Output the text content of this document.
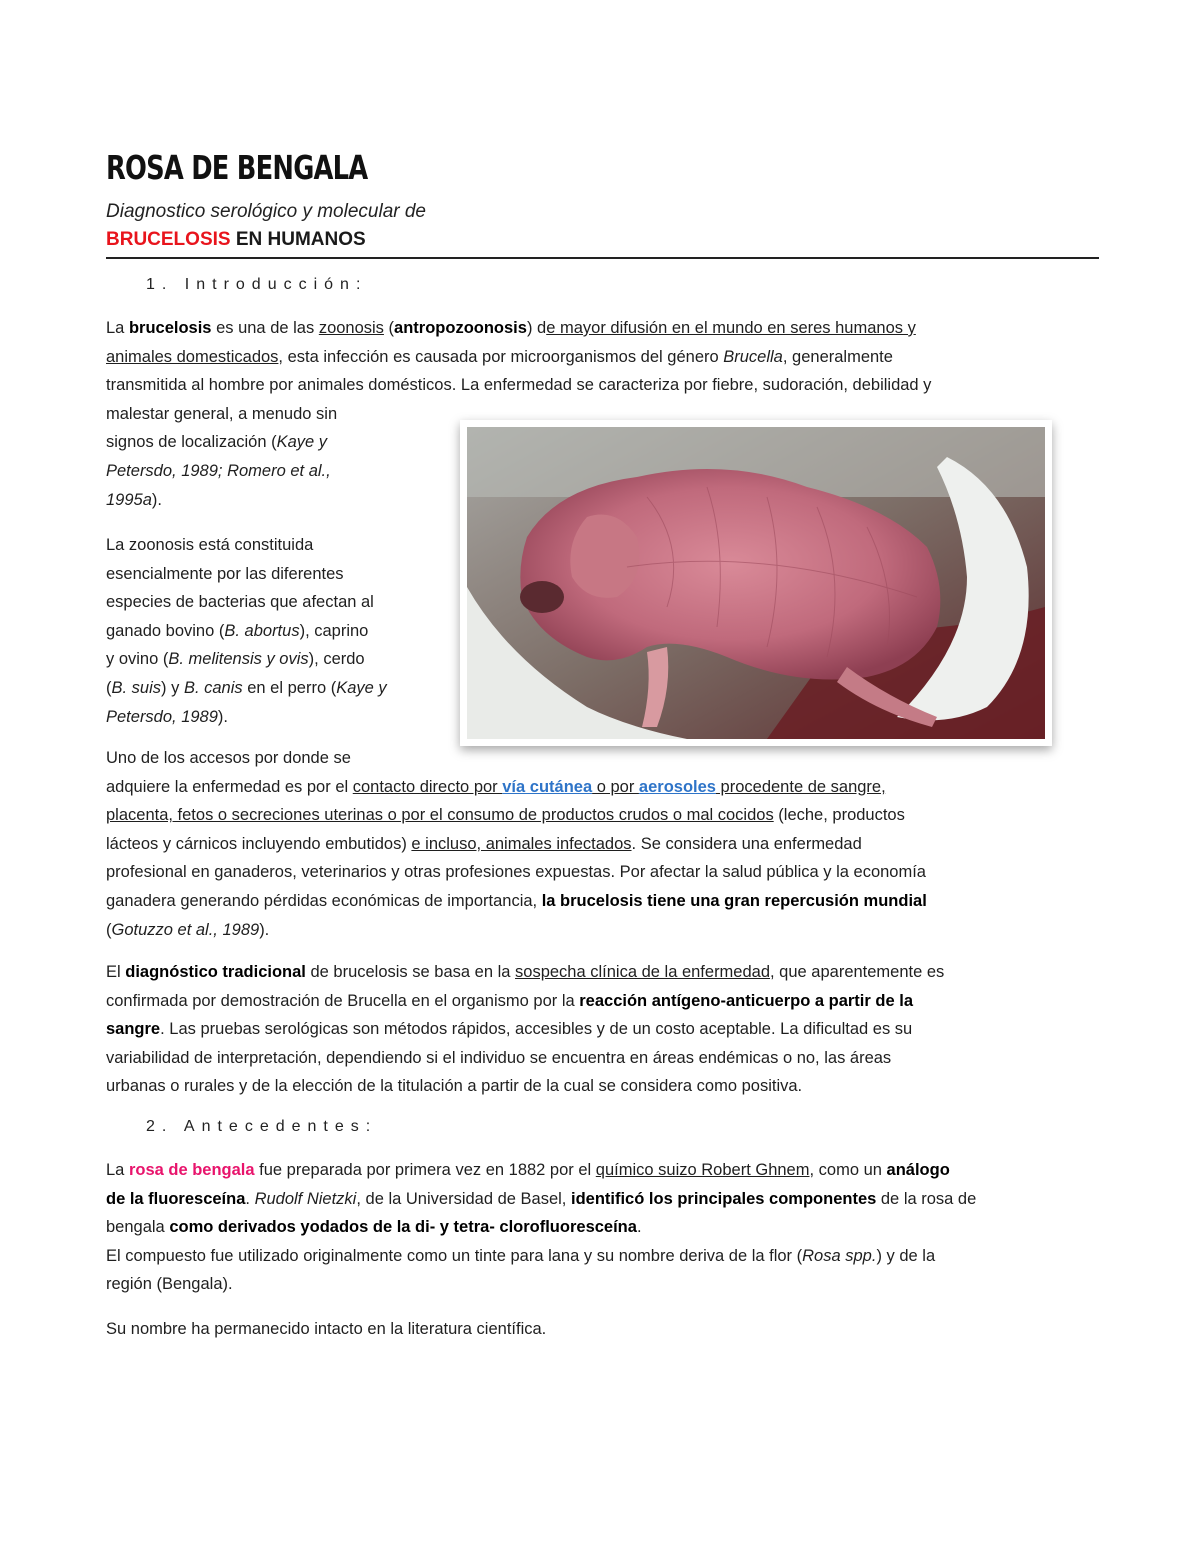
ROSA DE BENGALA
Diagnostico serológico y molecular de
BRUCELOSIS EN HUMANOS
1. Introducción:
La brucelosis es una de las zoonosis (antropozoonosis) de mayor difusión en el mundo en seres humanos y
animales domesticados, esta infección es causada por microorganismos del género Brucella, generalmente
transmitida al hombre por animales domésticos. La enfermedad se caracteriza por fiebre, sudoración, debilidad y
malestar general, a menudo sin
signos de localización (Kaye y
Petersdo, 1989; Romero et al.,
1995a).
La zoonosis está constituida
esencialmente por las diferentes
especies de bacterias que afectan al
ganado bovino (B. abortus), caprino
y ovino (B. melitensis y ovis), cerdo
(B. suis) y B. canis en el perro (Kaye y
Petersdo, 1989).
Uno de los accesos por donde se
adquiere la enfermedad es por el contacto directo por vía cutánea o por aerosoles procedente de sangre,
placenta, fetos o secreciones uterinas o por el consumo de productos crudos o mal cocidos (leche, productos
lácteos y cárnicos incluyendo embutidos) e incluso, animales infectados. Se considera una enfermedad
profesional en ganaderos, veterinarios y otras profesiones expuestas. Por afectar la salud pública y la economía
ganadera generando pérdidas económicas de importancia, la brucelosis tiene una gran repercusión mundial
(Gotuzzo et al., 1989).
El diagnóstico tradicional de brucelosis se basa en la sospecha clínica de la enfermedad, que aparentemente es
confirmada por demostración de Brucella en el organismo por la reacción antígeno-anticuerpo a partir de la
sangre. Las pruebas serológicas son métodos rápidos, accesibles y de un costo aceptable. La dificultad es su
variabilidad de interpretación, dependiendo si el individuo se encuentra en áreas endémicas o no, las áreas
urbanas o rurales y de la elección de la titulación a partir de la cual se considera como positiva.
2. Antecedentes:
La rosa de bengala fue preparada por primera vez en 1882 por el químico suizo Robert Ghnem, como un análogo
de la fluoresceína. Rudolf Nietzki, de la Universidad de Basel, identificó los principales componentes de la rosa de
bengala como derivados yodados de la di- y tetra- clorofluoresceína.
El compuesto fue utilizado originalmente como un tinte para lana y su nombre deriva de la flor (Rosa spp.) y de la
región (Bengala).
Su nombre ha permanecido intacto en la literatura científica.
